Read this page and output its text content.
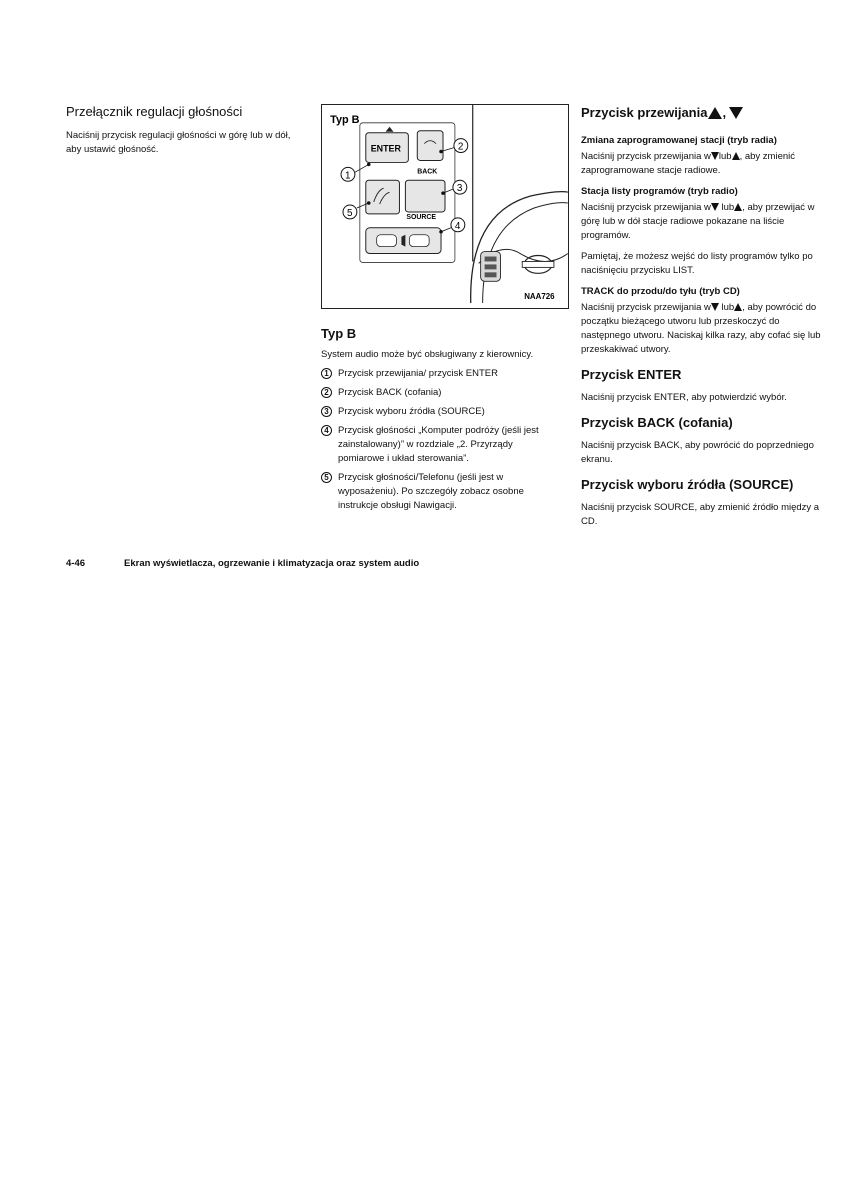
Przełącznik regulacji głośności

Naciśnij przycisk regulacji głośności w górę lub w dół, aby ustawić głośność.

Typ B
ENTER
BACK
SOURCE
1
2
3
4
5
NAA726
Typ B

System audio może być obsługiwany z kierownicy.

1 Przycisk przewijania/ przycisk ENTER
2 Przycisk BACK (cofania)
3 Przycisk wyboru źródła (SOURCE)
4 Przycisk głośności „Komputer podróży (jeśli jest zainstalowany)” w rozdziale „2. Przyrządy pomiarowe i układ sterowania”.
5 Przycisk głośności/Telefonu (jeśli jest w wyposażeniu). Po szczegóły zobacz osobne instrukcje obsługi Nawigacji.
Przycisk przewijania ,

Zmiana zaprogramowanej stacji (tryb radia)

Naciśnij przycisk przewijania w lub , aby zmienić zaprogramowane stacje radiowe.

Stacja listy programów (tryb radio)

Naciśnij przycisk przewijania w lub , aby przewijać w górę lub w dół stacje radiowe pokazane na liście programów.

Pamiętaj, że możesz wejść do listy programów tylko po naciśnięciu przycisku LIST.

TRACK do przodu/do tyłu (tryb CD)

Naciśnij przycisk przewijania w lub , aby powrócić do początku bieżącego utworu lub przeskoczyć do następnego utworu. Naciskaj kilka razy, aby cofać się lub przeskakiwać utwory.

Przycisk ENTER

Naciśnij przycisk ENTER, aby potwierdzić wybór.

Przycisk BACK (cofania)

Naciśnij przycisk BACK, aby powrócić do poprzedniego ekranu.

Przycisk wyboru źródła (SOURCE)

Naciśnij przycisk SOURCE, aby zmienić źródło między a CD.

4-46	Ekran wyświetlacza, ogrzewanie i klimatyzacja oraz system audio
